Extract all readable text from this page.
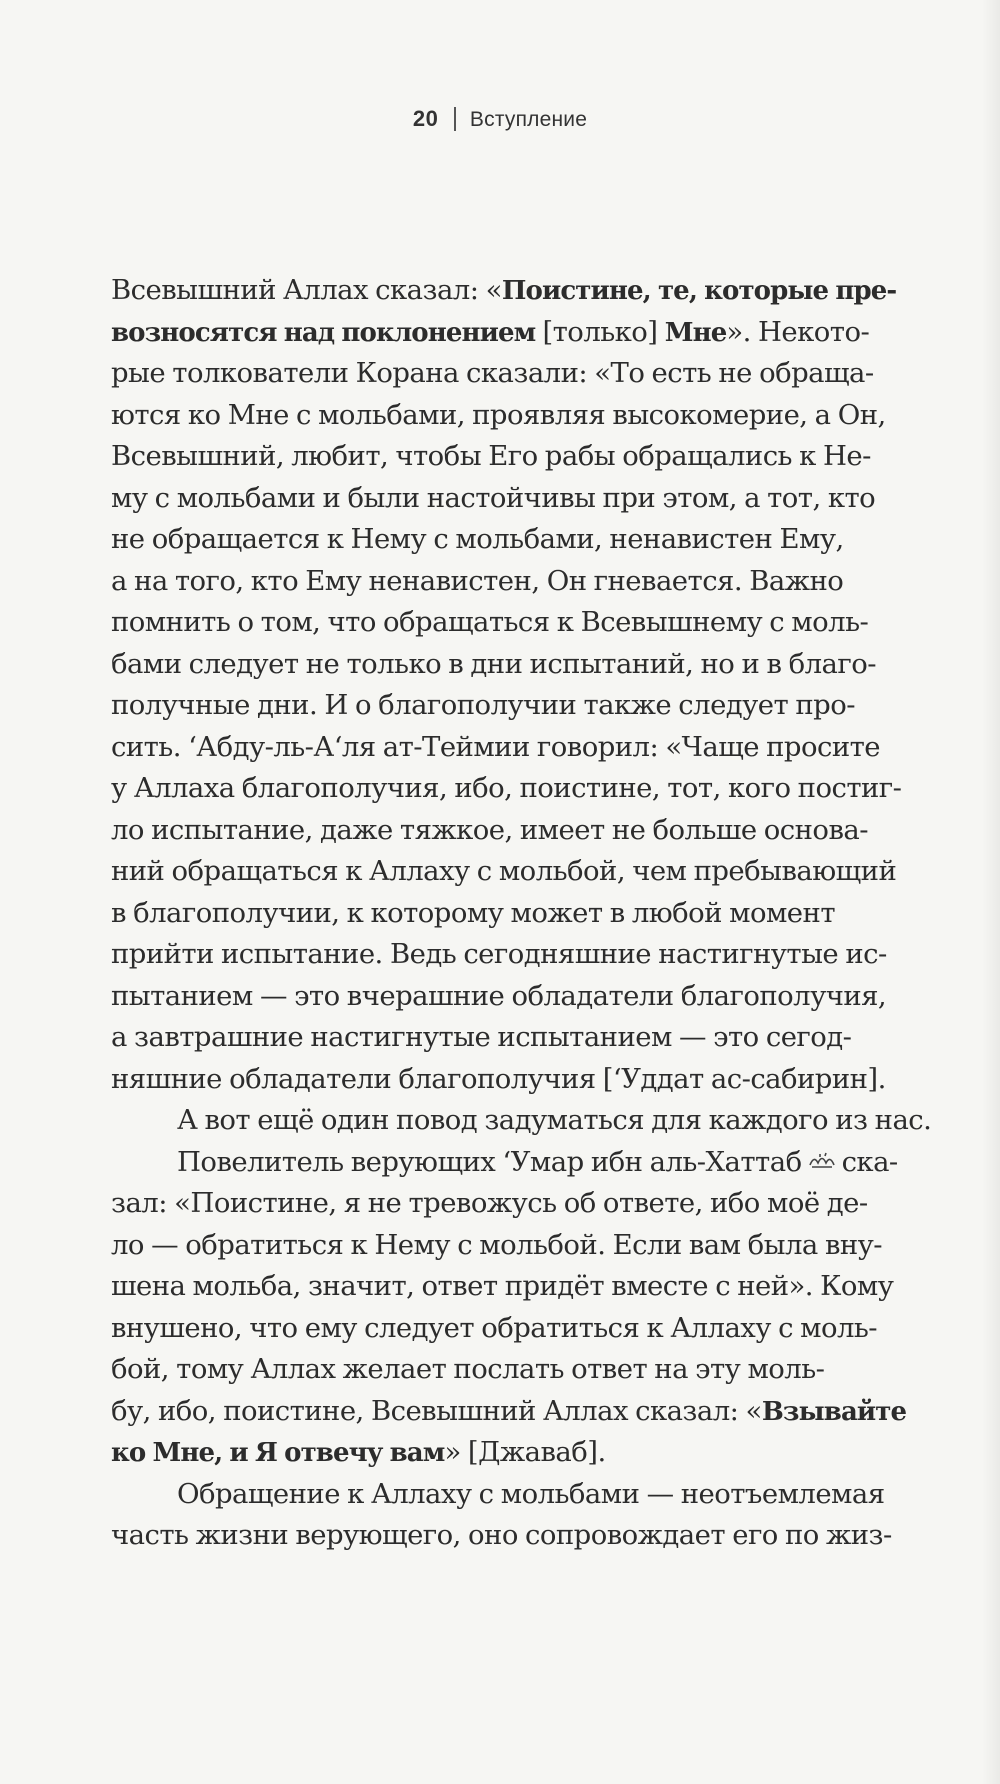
20 Вступление
Всевышний Аллах сказал: «Поистине, те, которые пре-
возносятся над поклонением [только] Мне». Некото-
рые толкователи Корана сказали: «То есть не обраща-
ются ко Мне с мольбами, проявляя высокомерие, а Он,
Всевышний, любит, чтобы Его рабы обращались к Не-
му с мольбами и были настойчивы при этом, а тот, кто
не обращается к Нему с мольбами, ненавистен Ему,
а на того, кто Ему ненавистен, Он гневается. Важно
помнить о том, что обращаться к Всевышнему с моль-
бами следует не только в дни испытаний, но и в благо-
получные дни. И о благополучии также следует про-
сить. ‘Абду-ль-А‘ля ат-Теймии говорил: «Чаще просите
у Аллаха благополучия, ибо, поистине, тот, кого постиг-
ло испытание, даже тяжкое, имеет не больше основа-
ний обращаться к Аллаху с мольбой, чем пребывающий
в благополучии, к которому может в любой момент
прийти испытание. Ведь сегодняшние настигнутые ис-
пытанием — это вчерашние обладатели благополучия,
а завтрашние настигнутые испытанием — это сегод-
няшние обладатели благополучия [‘Уддат ас-сабирин].
А вот ещё один повод задуматься для каждого из нас.
Повелитель верующих ‘Умар ибн аль-Хаттаб ска-
зал: «Поистине, я не тревожусь об ответе, ибо моё де-
ло — обратиться к Нему с мольбой. Если вам была вну-
шена мольба, значит, ответ придёт вместе с ней». Кому
внушено, что ему следует обратиться к Аллаху с моль-
бой, тому Аллах желает послать ответ на эту моль-
бу, ибо, поистине, Всевышний Аллах сказал: «Взывайте
ко Мне, и Я отвечу вам» [Джаваб].
Обращение к Аллаху с мольбами — неотъемлемая
часть жизни верующего, оно сопровождает его по жиз-
